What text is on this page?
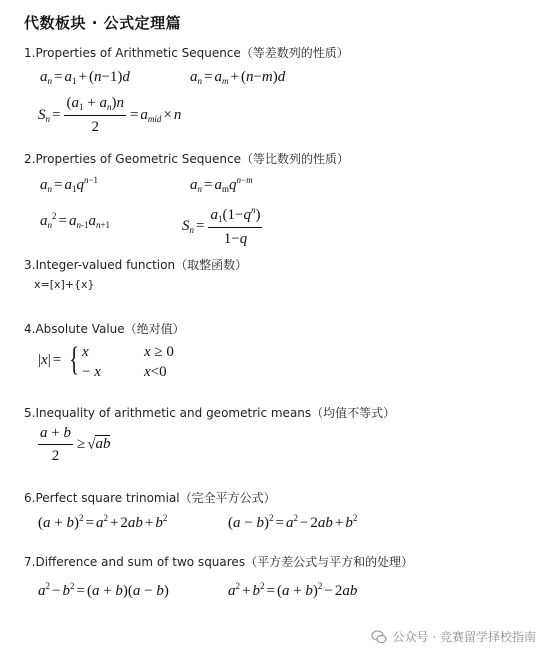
代数板块 · 公式定理篇
1.Properties of Arithmetic Sequence（等差数列的性质）
$a_n = a_1 + (n-1)d$	$a_n = a_m + (n-m)d$
$S_n = \frac{(a_1 + a_n)n}{2} = a_{mid} \times n$
2.Properties of Geometric Sequence（等比数列的性质）
$a_n = a_1q^{n-1}$	$a_n = a_mq^{n-m}$
$a_n^2 = a_{n-1}a_{n+1}$	$S_n = \frac{a_1(1-q^n)}{1-q}$
3.Integer-valued function（取整函数）
x=[x]+{x}
4.Absolute Value（绝对值）
|x| = { x	x ≥ 0
− x	x<0
5.Inequality of arithmetic and geometric means（均值不等式）
$\frac{a + b}{2} \ge √ab$
6.Perfect square trinomial（完全平方公式）
$(a + b)^2 = a^2 + 2ab + b^2$	$(a - b)^2 = a^2 - 2ab + b^2$
7.Difference and sum of two squares（平方差公式与平方和的处理）
$a^2 - b^2 = (a + b)(a - b)$	$a^2 + b^2 = (a + b)^2 - 2ab$
公众号 · 竞赛留学择校指南
